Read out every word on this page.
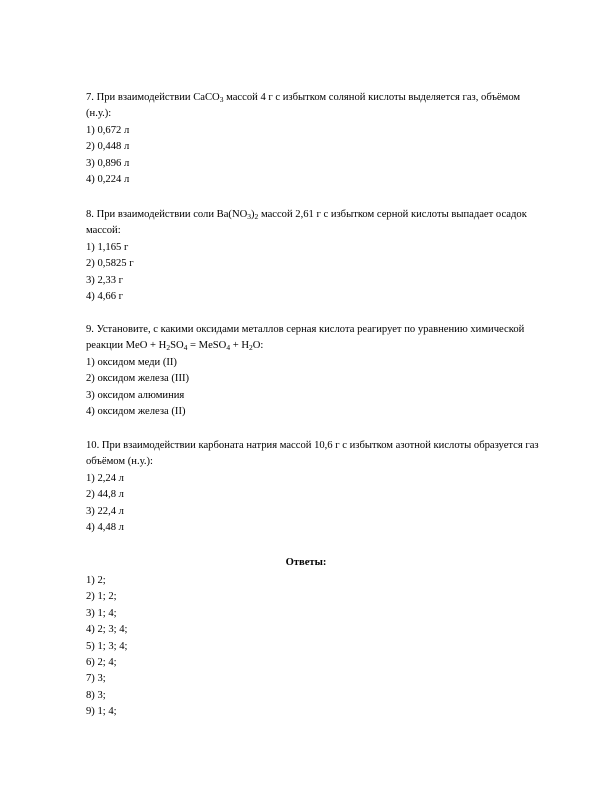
7. При взаимодействии CaCO$_3$ массой 4 г с избытком соляной кислоты выделяется газ, объёмом (н.у.):

1) 0,672 л

2) 0,448 л

3) 0,896 л

4) 0,224 л

8. При взаимодействии соли $Ba(NO_3)_2$ массой 2,61 г с избытком серной кислоты выпадает осадок массой:

1) 1,165 г

2) 0,5825 г

3) 2,33 г

4) 4,66 г

9. Установите, с какими оксидами металлов серная кислота реагирует по уравнению химической реакции MeO + $H_2SO_4$ = MeSO$_4$ + $H_2O$:

1) оксидом меди (II)

2) оксидом железа (III)

3) оксидом алюминия

4) оксидом железа (II)

10. При взаимодействии карбоната натрия массой 10,6 г с избытком азотной кислоты образуется газ объёмом (н.у.):

1) 2,24 л

2) 44,8 л

3) 22,4 л

4) 4,48 л

Ответы:

1) 2;

2) 1; 2;

3) 1; 4;

4) 2; 3; 4;

5) 1; 3; 4;

6) 2; 4;

7) 3;

8) 3;

9) 1; 4;
